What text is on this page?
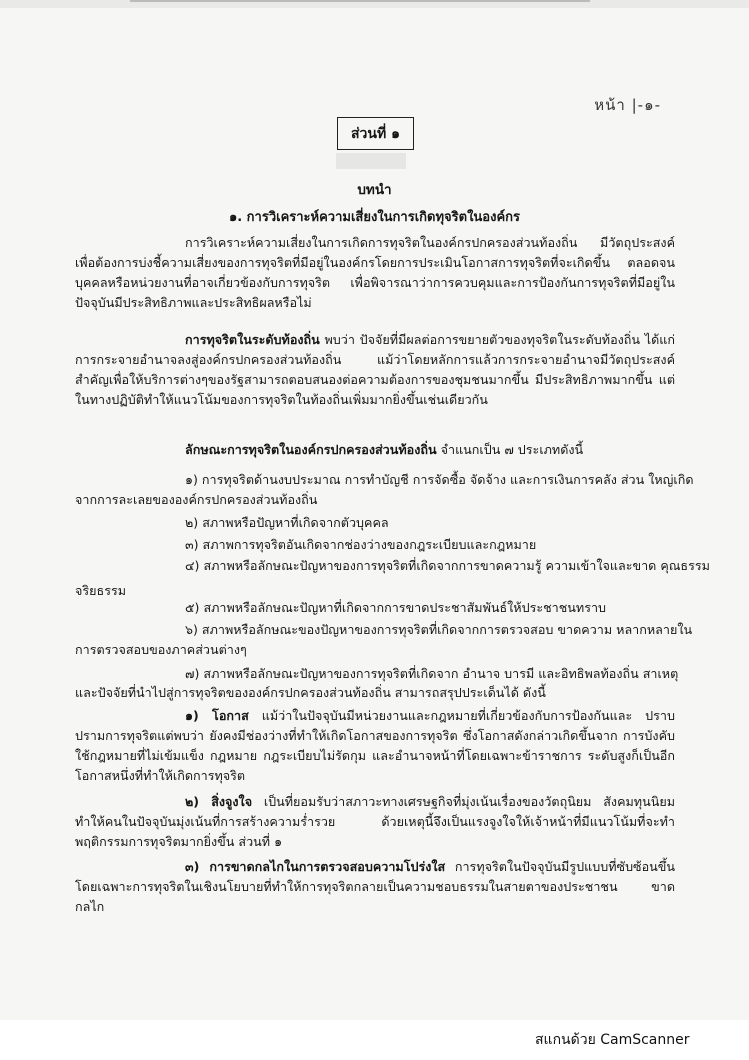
หน้า |-๑-
ส่วนที่ ๑
บทนำ
๑. การวิเคราะห์ความเสี่ยงในการเกิดทุจริตในองค์กร
การวิเคราะห์ความเสี่ยงในการเกิดการทุจริตในองค์กรปกครองส่วนท้องถิ่น มีวัตถุประสงค์เพื่อต้องการบ่งชี้ความเสี่ยงของการทุจริตที่มีอยู่ในองค์กรโดยการประเมินโอกาสการทุจริตที่จะเกิดขึ้น ตลอดจนบุคคลหรือหน่วยงานที่อาจเกี่ยวข้องกับการทุจริต เพื่อพิจารณาว่าการควบคุมและการป้องกันการทุจริตที่มีอยู่ในปัจจุบันมีประสิทธิภาพและประสิทธิผลหรือไม่
การทุจริตในระดับท้องถิ่น พบว่า ปัจจัยที่มีผลต่อการขยายตัวของทุจริตในระดับท้องถิ่น ได้แก่ การกระจายอำนาจลงสู่องค์กรปกครองส่วนท้องถิ่น แม้ว่าโดยหลักการแล้วการกระจายอำนาจมีวัตถุประสงค์สำคัญเพื่อให้บริการต่างๆของรัฐสามารถตอบสนองต่อความต้องการของชุมชนมากขึ้น มีประสิทธิภาพมากขึ้น แต่ในทางปฏิบัติทำให้แนวโน้มของการทุจริตในท้องถิ่นเพิ่มมากยิ่งขึ้นเช่นเดียวกัน
ลักษณะการทุจริตในองค์กรปกครองส่วนท้องถิ่น จำแนกเป็น ๗ ประเภทดังนี้
๑) การทุจริตด้านงบประมาณ การทำบัญชี การจัดซื้อ จัดจ้าง และการเงินการคลัง ส่วน ใหญ่เกิด
จากการละเลยขององค์กรปกครองส่วนท้องถิ่น
๒) สภาพหรือปัญหาที่เกิดจากตัวบุคคล
๓) สภาพการทุจริตอันเกิดจากช่องว่างของกฎระเบียบและกฎหมาย
๔) สภาพหรือลักษณะปัญหาของการทุจริตที่เกิดจากการขาดความรู้ ความเข้าใจและขาด คุณธรรม
จริยธรรม
๕) สภาพหรือลักษณะปัญหาที่เกิดจากการขาดประชาสัมพันธ์ให้ประชาชนทราบ
๖) สภาพหรือลักษณะของปัญหาของการทุจริตที่เกิดจากการตรวจสอบ ขาดความ หลากหลายใน
การตรวจสอบของภาคส่วนต่างๆ
๗) สภาพหรือลักษณะปัญหาของการทุจริตที่เกิดจาก อำนาจ บารมี และอิทธิพลท้องถิ่น สาเหตุ
และปัจจัยที่นำไปสู่การทุจริตขององค์กรปกครองส่วนท้องถิ่น สามารถสรุปประเด็นได้ ดังนี้
๑) โอกาส แม้ว่าในปัจจุบันมีหน่วยงานและกฎหมายที่เกี่ยวข้องกับการป้องกันและ ปราบปรามการทุจริตแต่พบว่า ยังคงมีช่องว่างที่ทำให้เกิดโอกาสของการทุจริต ซึ่งโอกาสดังกล่าวเกิดขึ้นจาก การบังคับใช้กฎหมายที่ไม่เข้มแข็ง กฎหมาย กฎระเบียบไม่รัดกุม และอำนาจหน้าที่โดยเฉพาะข้าราชการ ระดับสูงก็เป็นอีกโอกาสหนึ่งที่ทำให้เกิดการทุจริต
๒) สิ่งจูงใจ เป็นที่ยอมรับว่าสภาวะทางเศรษฐกิจที่มุ่งเน้นเรื่องของวัตถุนิยม สังคมทุนนิยม ทำให้คนในปัจจุบันมุ่งเน้นที่การสร้างความร่ำรวย ด้วยเหตุนี้จึงเป็นแรงจูงใจให้เจ้าหน้าที่มีแนวโน้มที่จะทำพฤติกรรมการทุจริตมากยิ่งขึ้น ส่วนที่ ๑
๓) การขาดกลไกในการตรวจสอบความโปร่งใส การทุจริตในปัจจุบันมีรูปแบบที่ซับซ้อนขึ้นโดยเฉพาะการทุจริตในเชิงนโยบายที่ทำให้การทุจริตกลายเป็นความชอบธรรมในสายตาของประชาชน ขาด กลไก
สแกนด้วย CamScanner
